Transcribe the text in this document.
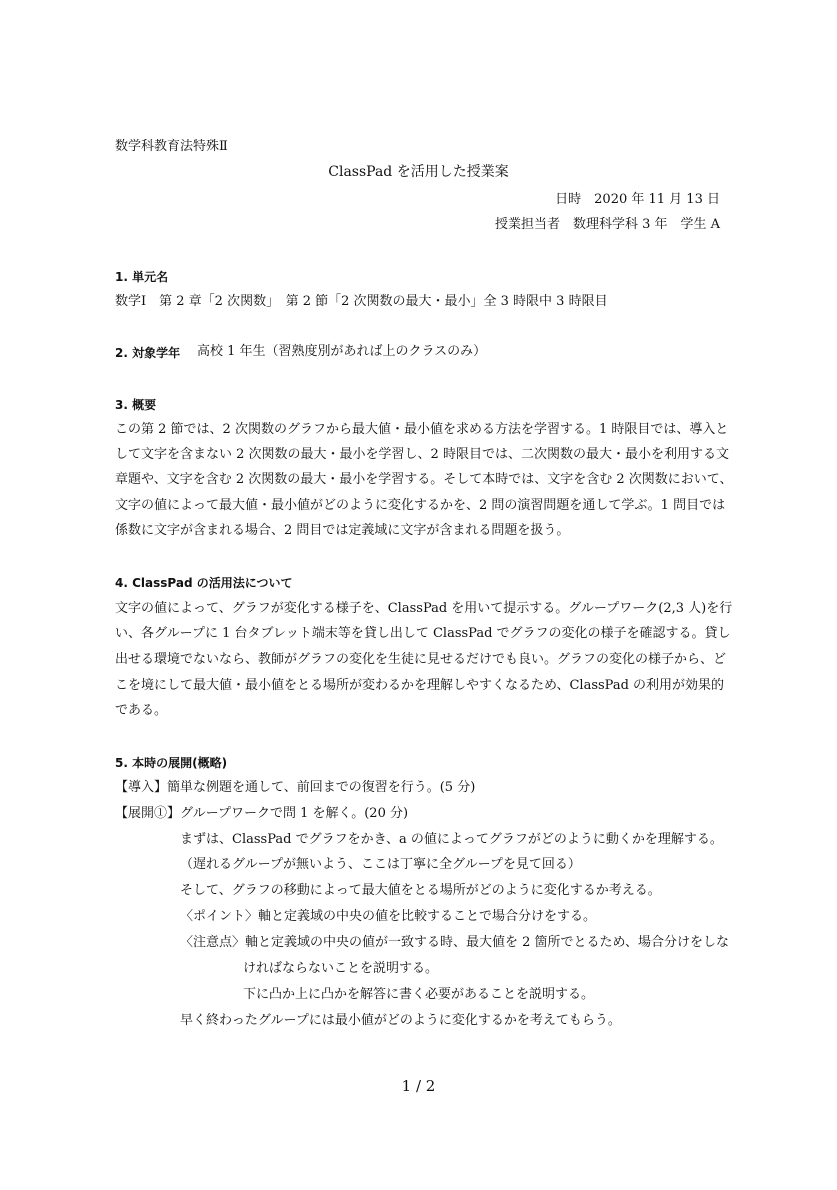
数学科教育法特殊Ⅱ
ClassPad を活用した授業案
日時　2020 年 11 月 13 日
授業担当者　数理科学科 3 年　学生 A
1. 単元名
数学Ⅰ　第 2 章「2 次関数」　第 2 節「2 次関数の最大・最小」全 3 時限中 3 時限目
2. 対象学年 高校 1 年生（習熟度別があれば上のクラスのみ）
3. 概要
この第 2 節では、2 次関数のグラフから最大値・最小値を求める方法を学習する。1 時限目では、導入と
して文字を含まない 2 次関数の最大・最小を学習し、2 時限目では、二次関数の最大・最小を利用する文
章題や、文字を含む 2 次関数の最大・最小を学習する。そして本時では、文字を含む 2 次関数において、
文字の値によって最大値・最小値がどのように変化するかを、2 問の演習問題を通して学ぶ。1 問目では
係数に文字が含まれる場合、2 問目では定義域に文字が含まれる問題を扱う。
4. ClassPad の活用法について
文字の値によって、グラフが変化する様子を、ClassPad を用いて提示する。グループワーク(2,3 人)を行
い、各グループに 1 台タブレット端末等を貸し出して ClassPad でグラフの変化の様子を確認する。貸し
出せる環境でないなら、教師がグラフの変化を生徒に見せるだけでも良い。グラフの変化の様子から、ど
こを境にして最大値・最小値をとる場所が変わるかを理解しやすくなるため、ClassPad の利用が効果的
である。
5. 本時の展開(概略)
【導入】簡単な例題を通して、前回までの復習を行う。(5 分)
【展開①】グループワークで問 1 を解く。(20 分)
まずは、ClassPad でグラフをかき、a の値によってグラフがどのように動くかを理解する。
（遅れるグループが無いよう、ここは丁寧に全グループを見て回る）
そして、グラフの移動によって最大値をとる場所がどのように変化するか考える。
〈ポイント〉軸と定義域の中央の値を比較することで場合分けをする。
〈注意点〉軸と定義域の中央の値が一致する時、最大値を 2 箇所でとるため、場合分けをしな
ければならないことを説明する。
下に凸か上に凸かを解答に書く必要があることを説明する。
早く終わったグループには最小値がどのように変化するかを考えてもらう。
1 / 2
